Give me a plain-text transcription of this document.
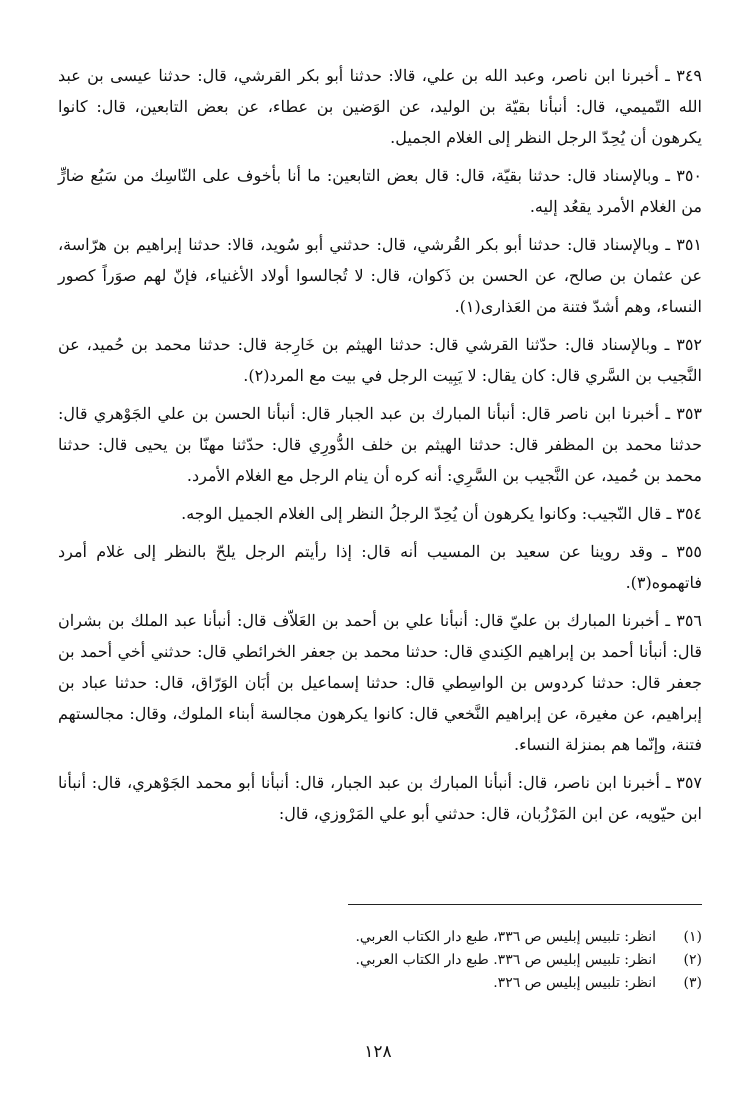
٣٤٩ ـ أخبرنا ابن ناصر، وعبد الله بن علي، قالا: حدثنا أبو بكر القرشي، قال: حدثنا عيسى بن عبد الله التّميمي، قال: أنبأنا بقيّة بن الوليد، عن الوَضين بن عطاء، عن بعض التابعين، قال: كانوا يكرهون أن يُحِدّ الرجل النظر إلى الغلام الجميل.

٣٥٠ ـ وبالإسناد قال: حدثنا بقيّة، قال: قال بعض التابعين: ما أنا بأخوف على النّاسِك من سَبُع ضارٍّ من الغلام الأمرد يقعُد إليه.

٣٥١ ـ وبالإسناد قال: حدثنا أبو بكر القُرشي، قال: حدثني أبو سُويد، قالا: حدثنا إبراهيم بن هرّاسة، عن عثمان بن صالح، عن الحسن بن ذَكوان، قال: لا تُجالسوا أولاد الأغنياء، فإنّ لهم صوَراً كصور النساء، وهم أشدّ فتنة من العَذارى(١).

٣٥٢ ـ وبالإسناد قال: حدّثنا القرشي قال: حدثنا الهيثم بن خَارِجة قال: حدثنا محمد بن حُميد، عن النَّجيب بن السَّري قال: كان يقال: لا يَبِيت الرجل في بيت مع المرد(٢).

٣٥٣ ـ أخبرنا ابن ناصر قال: أنبأنا المبارك بن عبد الجبار قال: أنبأنا الحسن بن علي الجَوْهري قال: حدثنا محمد بن المظفر قال: حدثنا الهيثم بن خلف الدُّورِي قال: حدّثنا مهنّا بن يحيى قال: حدثنا محمد بن حُميد، عن النَّجيب بن السَّرِي: أنه كره أن ينام الرجل مع الغلام الأمرد.

٣٥٤ ـ قال النّجيب: وكانوا يكرهون أن يُحِدّ الرجلُ النظر إلى الغلام الجميل الوجه.

٣٥٥ ـ وقد روينا عن سعيد بن المسيب أنه قال: إذا رأيتم الرجل يلحّ بالنظر إلى غلام أمرد فاتهموه(٣).

٣٥٦ ـ أخبرنا المبارك بن عليّ قال: أنبأنا علي بن أحمد بن العَلاّف قال: أنبأنا عبد الملك بن بشران قال: أنبأنا أحمد بن إبراهيم الكِندي قال: حدثنا محمد بن جعفر الخرائطي قال: حدثني أخي أحمد بن جعفر قال: حدثنا كردوس بن الواسِطي قال: حدثنا إسماعيل بن أبَان الوَرّاق، قال: حدثنا عباد بن إبراهيم، عن مغيرة، عن إبراهيم النَّخعي قال: كانوا يكرهون مجالسة أبناء الملوك، وقال: مجالستهم فتنة، وإنّما هم بمنزلة النساء.

٣٥٧ ـ أخبرنا ابن ناصر، قال: أنبأنا المبارك بن عبد الجبار، قال: أنبأنا أبو محمد الجَوْهري، قال: أنبأنا ابن حيّويه، عن ابن المَرْزُبان، قال: حدثني أبو علي المَرْوزي، قال:

(١)
انظر: تلبيس إبليس ص ٣٣٦، طبع دار الكتاب العربي.
(٢)
انظر: تلبيس إبليس ص ٣٣٦. طبع دار الكتاب العربي.
(٣)
انظر: تلبيس إبليس ص ٣٢٦.
١٢٨
